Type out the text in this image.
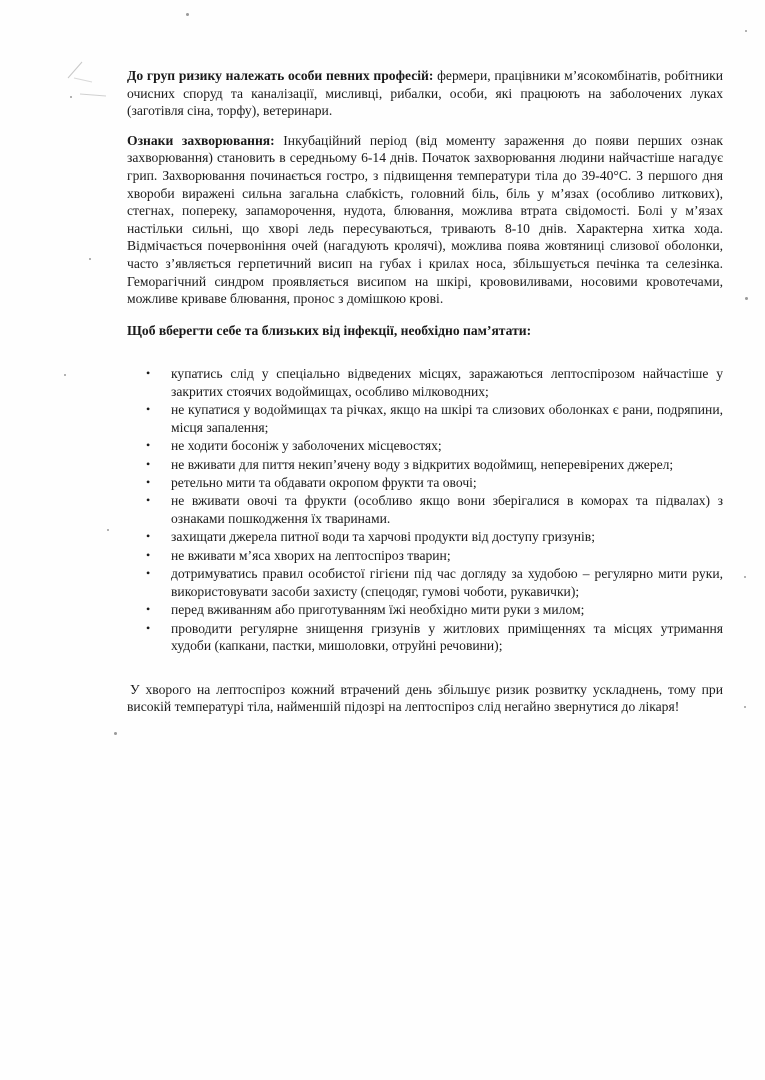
До груп ризику належать особи певних професій: фермери, працівники м’ясокомбінатів, робітники очисних споруд та каналізації, мисливці, рибалки, особи, які працюють на заболочених луках (заготівля сіна, торфу), ветеринари.

Ознаки захворювання: Інкубаційний період (від моменту зараження до появи перших ознак захворювання) становить в середньому 6-14 днів. Початок захворювання людини найчастіше нагадує грип. Захворювання починається гостро, з підвищення температури тіла до 39-40°С. З першого дня хвороби виражені сильна загальна слабкість, головний біль, біль у м’язах (особливо литкових), стегнах, попереку, запаморочення, нудота, блювання, можлива втрата свідомості. Болі у м’язах настільки сильні, що хворі ледь пересуваються, тривають 8-10 днів. Характерна хитка хода. Відмічається почервоніння очей (нагадують кролячі), можлива поява жовтяниці слизової оболонки, часто з’являється герпетичний висип на губах і крилах носа, збільшується печінка та селезінка. Геморагічний синдром проявляється висипом на шкірі, крововиливами, носовими кровотечами, можливе криваве блювання, пронос з домішкою крові.

Щоб вберегти себе та близьких від інфекції, необхідно пам’ятати:

• купатись слід у спеціально відведених місцях, заражаються лептоспірозом найчастіше у закритих стоячих водоймищах, особливо мілководних;
• не купатися у водоймищах та річках, якщо на шкірі та слизових оболонках є рани, подряпини, місця запалення;
• не ходити босоніж у заболочених місцевостях;
• не вживати для пиття некип’ячену воду з відкритих водоймищ, неперевірених джерел;
• ретельно мити та обдавати окропом фрукти та овочі;
• не вживати овочі та фрукти (особливо якщо вони зберігалися в коморах та підвалах) з ознаками пошкодження їх тваринами.
• захищати джерела питної води та харчові продукти від доступу гризунів;
• не вживати м’яса хворих на лептоспіроз тварин;
• дотримуватись правил особистої гігієни під час догляду за худобою – регулярно мити руки, використовувати засоби захисту (спецодяг, гумові чоботи, рукавички);
• перед вживанням або приготуванням їжі необхідно мити руки з милом;
• проводити регулярне знищення гризунів у житлових приміщеннях та місцях утримання худоби (капкани, пастки, мишоловки, отруйні речовини);

У хворого на лептоспіроз кожний втрачений день збільшує ризик розвитку ускладнень, тому при високій температурі тіла, найменшій підозрі на лептоспіроз слід негайно звернутися до лікаря!
